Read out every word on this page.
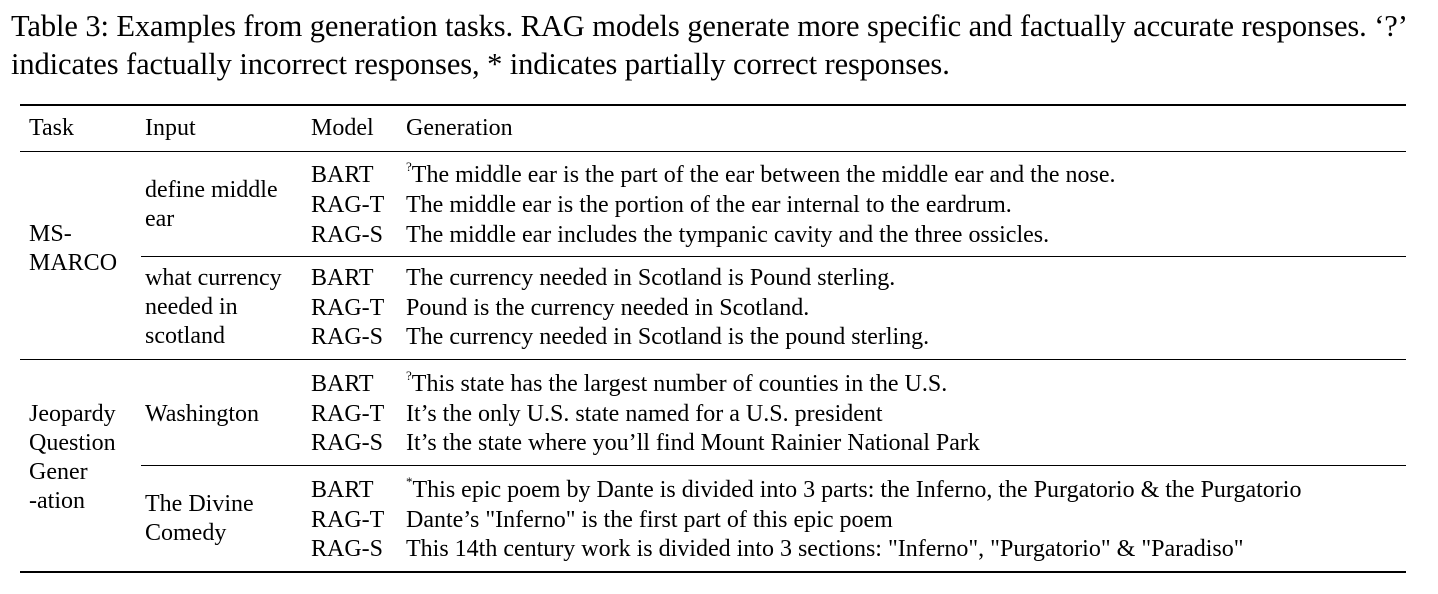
Table 3: Examples from generation tasks. RAG models generate more specific and factually accurate responses. ‘?’ indicates factually incorrect responses, * indicates partially correct responses.
Task	Input	Model Generation
MS-
MARCO
define middle
ear
BART ?The middle ear is the part of the ear between the middle ear and the nose.
RAG-T The middle ear is the portion of the ear internal to the eardrum.
RAG-S The middle ear includes the tympanic cavity and the three ossicles.
what currency
needed in
scotland
BART The currency needed in Scotland is Pound sterling.
RAG-T Pound is the currency needed in Scotland.
RAG-S The currency needed in Scotland is the pound sterling.
Jeopardy
Question
Gener
-ation
Washington
BART ?This state has the largest number of counties in the U.S.
RAG-T It’s the only U.S. state named for a U.S. president
RAG-S It’s the state where you’ll find Mount Rainier National Park
The Divine
Comedy
BART *This epic poem by Dante is divided into 3 parts: the Inferno, the Purgatorio & the Purgatorio
RAG-T Dante’s "Inferno" is the first part of this epic poem
RAG-S This 14th century work is divided into 3 sections: "Inferno", "Purgatorio" & "Paradiso"
